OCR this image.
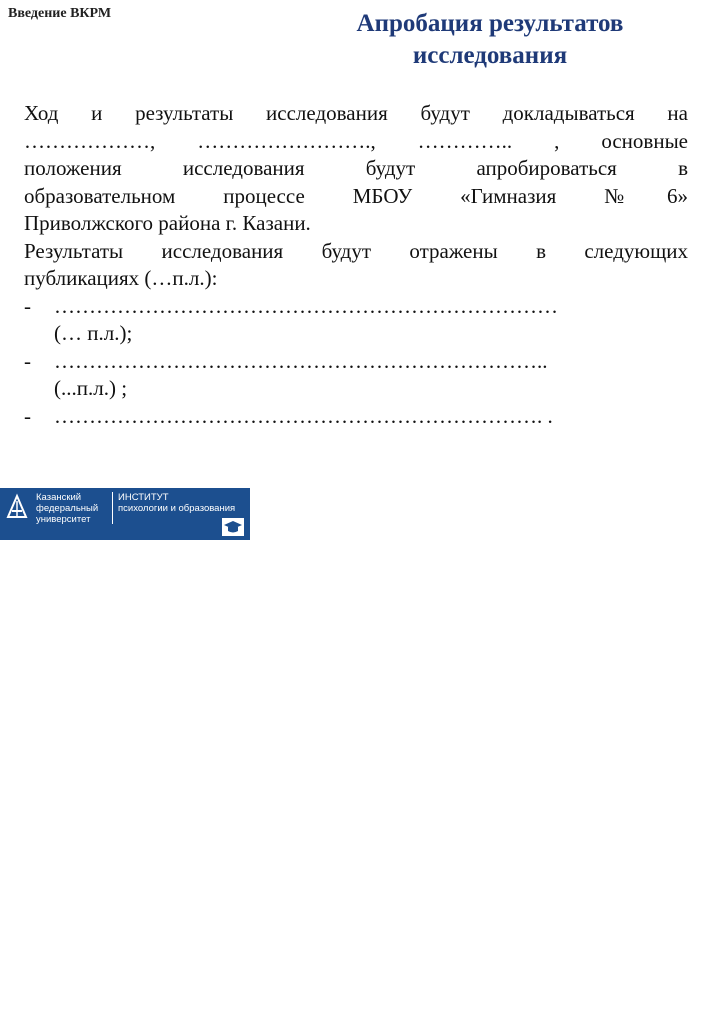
Введение ВКРМ	Апробация результатов
исследования
Ход и результаты исследования будут докладываться на
………………, ……………………., ………….. , основные
положения исследования будут апробироваться в
образовательном процессе МБОУ «Гимназия №6»
Приволжского района г. Казани.
Результаты исследования будут отражены в следующих
публикациях (…п.л.):
- ………………………………………………………………
(… п.л.);
- ……………………………………………………………..
(...п.л.) ;
- ……………………………………………………………. .
Казанский
федеральный
университет
ИНСТИТУТ
психологии и образования
Педагогическая магистратура
